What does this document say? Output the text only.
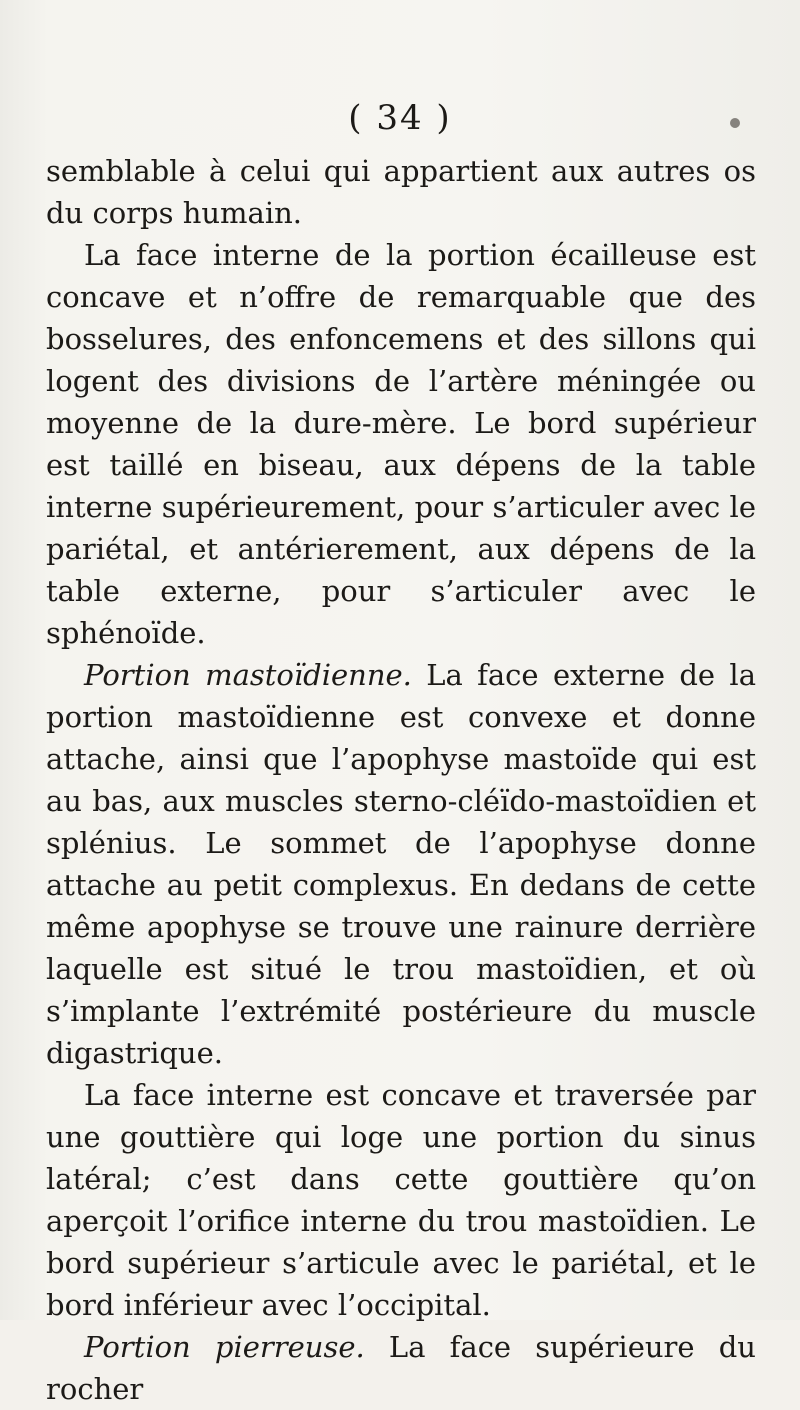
( 34 )

semblable à celui qui appartient aux autres os du corps humain.

La face interne de la portion écailleuse est concave et n’offre de remarquable que des bosselures, des enfoncemens et des sillons qui logent des divisions de l’artère méningée ou moyenne de la dure-mère. Le bord supérieur est taillé en biseau, aux dépens de la table interne supérieurement, pour s’articuler avec le pariétal, et antérierement, aux dépens de la table externe, pour s’articuler avec le sphénoïde.

Portion mastoïdienne. La face externe de la portion mastoïdienne est convexe et donne attache, ainsi que l’apophyse mastoïde qui est au bas, aux muscles sterno-cléïdo-mastoïdien et splénius. Le sommet de l’apophyse donne attache au petit complexus. En dedans de cette même apophyse se trouve une rainure derrière laquelle est situé le trou mastoïdien, et où s’implante l’extrémité postérieure du muscle digastrique.

La face interne est concave et traversée par une gouttière qui loge une portion du sinus latéral; c’est dans cette gouttière qu’on aperçoit l’orifice interne du trou mastoïdien. Le bord supérieur s’articule avec le pariétal, et le bord inférieur avec l’occipital.

Portion pierreuse. La face supérieure du rocher
